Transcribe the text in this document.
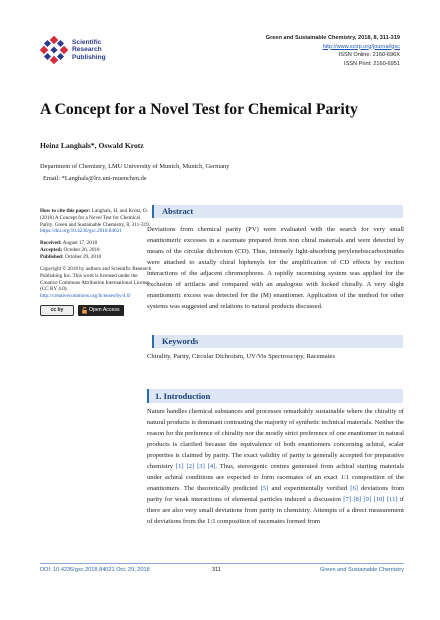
Scientific
Research
Publishing
Green and Sustainable Chemistry, 2018, 8, 311-319
http://www.scirp.org/journal/gsc
ISSN Online: 2160-696X
ISSN Print: 2160-6951
A Concept for a Novel Test for Chemical Parity
Heinz Langhals*, Oswald Krotz
Department of Chemistry, LMU University of Munich, Munich, Germany
Email: *Langhals@lrz.uni-muenchen.de

How to cite this paper: Langhals, H. and Krotz, O. (2018) A Concept for a Novel Test for Chemical Parity. Green and Sustainable Chemistry, 8, 311-319.
https://doi.org/10.4236/gsc.2018.84021

Received: August 17, 2018
Accepted: October 26, 2018
Published: October 29, 2018

Copyright © 2018 by authors and Scientific Research Publishing Inc. This work is licensed under the Creative Commons Attribution International License (CC BY 4.0).
http://creativecommons.org/licenses/by/4.0/

cc by	Open Access
Abstract
Deviations from chemical parity (PV) were evaluated with the search for very small enantiomeric excesses in a racemate prepared from non chiral materials and were detected by means of the circular dichroism (CD). Thus, intensely light-absorbing perylenebiscarboximides were attached to axially chiral biphenyls for the amplification of CD effects by exciton interactions of the adjacent chromophores. A rapidly racemising system was applied for the exclusion of artifacts and compared with an analogous with locked chirally. A very slight enantiomeric excess was detected for the (M) enantiomer. Application of the method for other systems was suggested and relations to natural products discussed.
Keywords
Chirality, Parity, Circular Dichroism, UV/Vis Spectroscopy, Racemates
1. Introduction
Nature handles chemical substances and processes remarkably sustainable where the chirality of natural products is dominant contrasting the majority of synthetic technical materials. Neither the reason for the preference of chirality nor the mostly strict preference of one enantiomer in natural products is clarified because the equivalence of both enantiomers concerning achiral, scalar properties is claimed by parity. The exact validity of parity is generally accepted for preparative chemistry [1] [2] [3] [4]. Thus, stereogenic centres generated from achiral starting materials under achiral conditions are expected to form racemates of an exact 1:1 composition of the enantiomers. The theoretically predicted [5] and experimentally verified [6] deviations from parity for weak interactions of elemental particles induced a discussion [7] [8] [9] [10] [11] if there are also very small deviations from parity in chemistry. Attempts of a direct measurement of deviations from the 1:1 composition of racemates formed from
DOI: 10.4236/gsc.2018.84021 Oct. 29, 2018	311	Green and Sustainable Chemistry
